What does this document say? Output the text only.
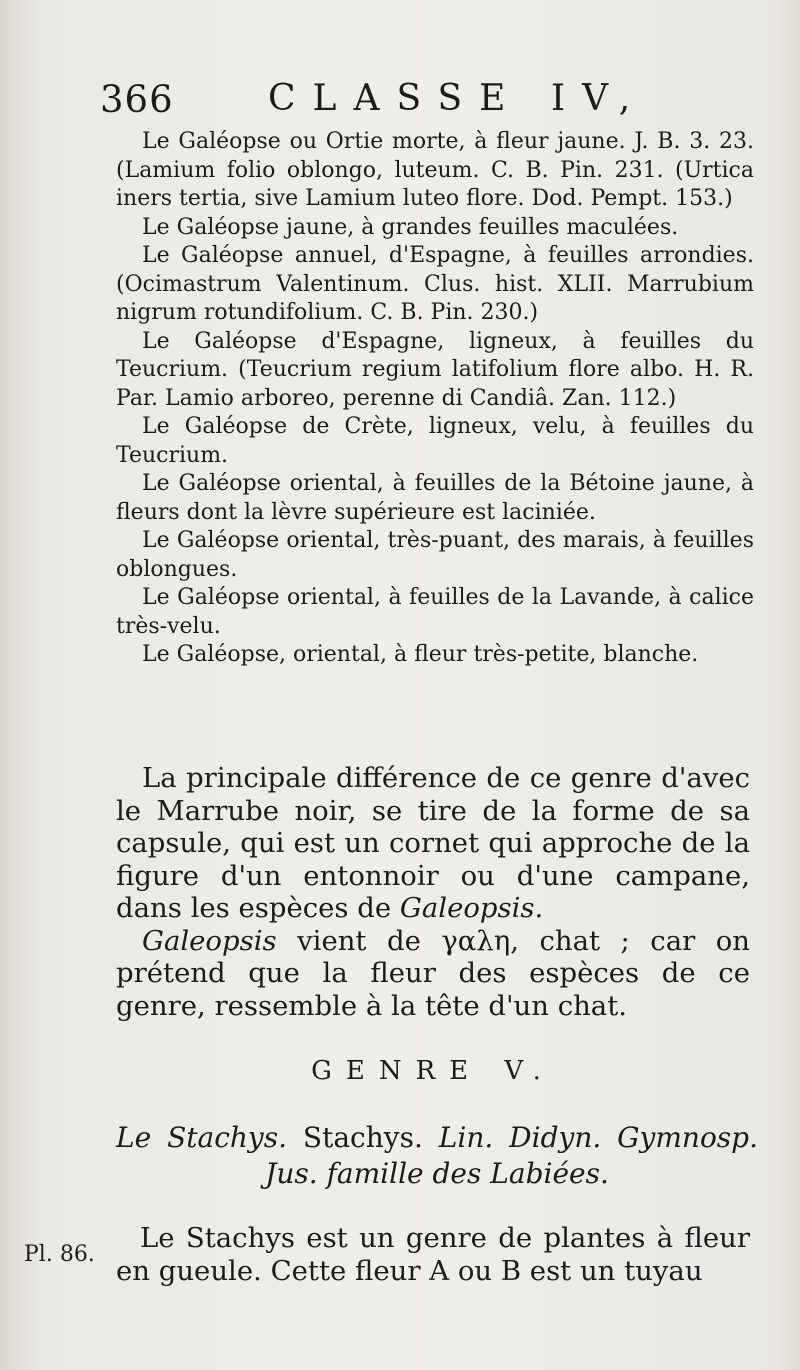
366	CLASSE IV,

Le Galéopse ou Ortie morte, à fleur jaune. J. B. 3. 23. (Lamium folio oblongo, luteum. C. B. Pin. 231. (Urtica iners tertia, sive Lamium luteo flore. Dod. Pempt. 153.)

Le Galéopse jaune, à grandes feuilles maculées.

Le Galéopse annuel, d'Espagne, à feuilles arrondies. (Ocimastrum Valentinum. Clus. hist. XLII. Marrubium nigrum rotundifolium. C. B. Pin. 230.)

Le Galéopse d'Espagne, ligneux, à feuilles du Teucrium. (Teucrium regium latifolium flore albo. H. R. Par. Lamio arboreo, perenne di Candiâ. Zan. 112.)

Le Galéopse de Crète, ligneux, velu, à feuilles du Teucrium.

Le Galéopse oriental, à feuilles de la Bétoine jaune, à fleurs dont la lèvre supérieure est laciniée.

Le Galéopse oriental, très-puant, des marais, à feuilles oblongues.

Le Galéopse oriental, à feuilles de la Lavande, à calice très-velu.

Le Galéopse, oriental, à fleur très-petite, blanche.

La principale différence de ce genre d'avec le Marrube noir, se tire de la forme de sa capsule, qui est un cornet qui approche de la figure d'un entonnoir ou d'une campane, dans les espèces de Galeopsis.

Galeopsis vient de γαλη, chat ; car on prétend que la fleur des espèces de ce genre, ressemble à la tête d'un chat.

GENRE V.
Le Stachys. Stachys. Lin. Didyn. Gymnosp.
Jus. famille des Labiées.
Pl. 86.

Le Stachys est un genre de plantes à fleur en gueule. Cette fleur A ou B est un tuyau
